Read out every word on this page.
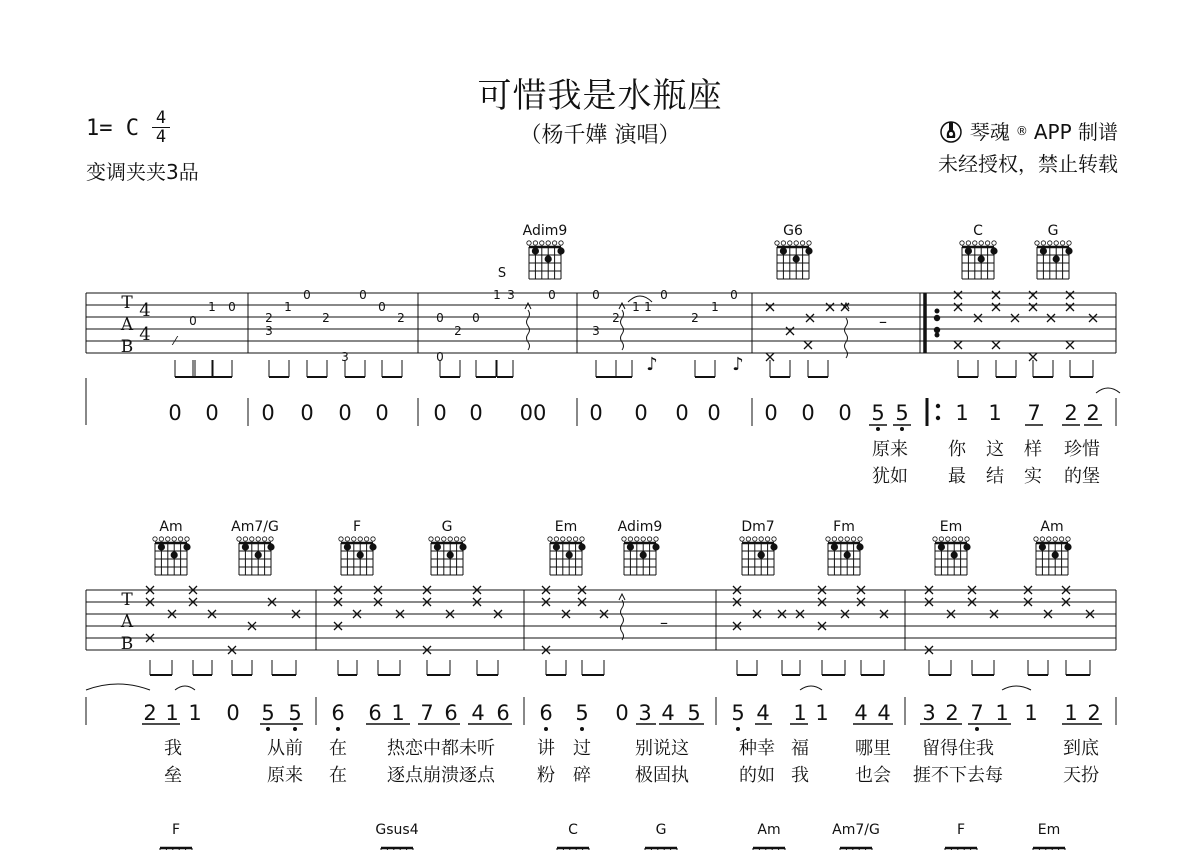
可惜我是水瓶座
（杨千嬅 演唱）
1= C 4
4
变调夹夹3品
琴魂 ® APP 制谱
未经授权，禁止转载
T
A
B
4
4
Adim9	G6	C	G
S
⁄
0
1 0
2
3
1
0
2
3
0
0
2	0
2
0
0
1 3	0	0
3
2
1 1
0
2
1
0
–
♪	♪
0 0 0 0 0 0 0 0 00 0 0 0 0 0 0 0 5 5 1 1 7 2 2
原来 你 这 样 珍惜
犹如 最 结 实 的堡
T
A
B
Am	Am7/G	F	G	Em	Adim9	Dm7	Fm	Em	Am
–
2 1 1 0 5 5 6 6 1 7 6 4 6 6 5 0 3 4 5 5 4 1 1 4 4 3 2 7 1 1 1 2
我	从前 在 热恋中都未听 讲 过 别说这	种幸 福	哪里 留得住我	到底
垒	原来 在 逐点崩溃逐点 粉 碎 极固执	的如 我	也会 捱不下去每	天扮
F	Gsus4	C	G	Am	Am7/G	F	Em
